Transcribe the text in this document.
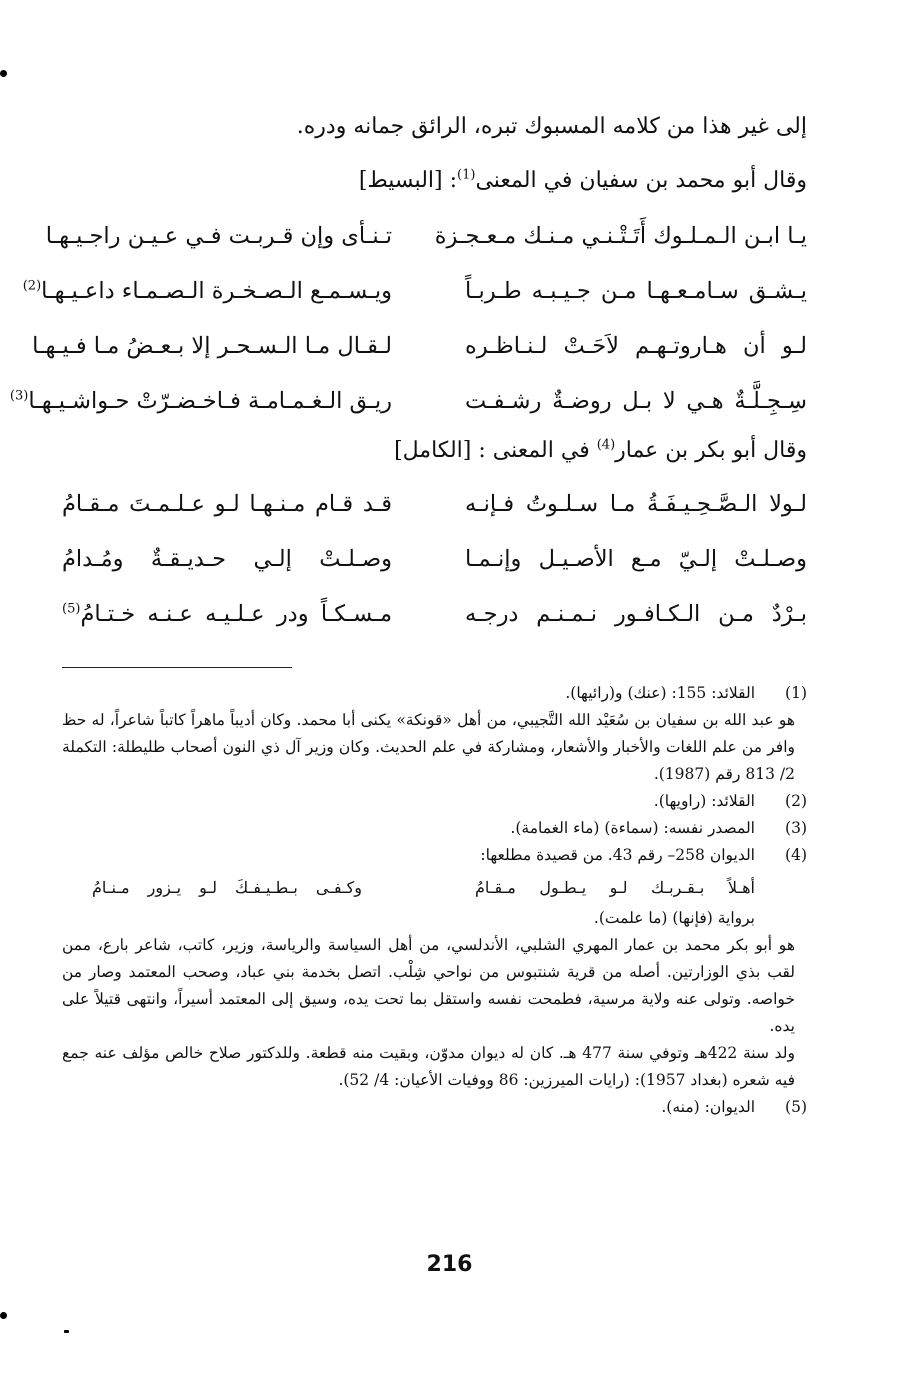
إلى غير هذا من كلامه المسبوك تبره، الرائق جمانه ودره.

وقال أبو محمد بن سفيان في المعنى$^{(1)}$: [البسيط]

يـا ابـن الـمـلـوك أَتَـتْـنـي مـنـك مـعـجـزة
تـنـأى وإن قـربـت فـي عـيـن راجـيـهـا
يـشـق سـامـعـهـا مـن جـيـبـه طـربـاً
ويـسـمـع الـصـخـرة الـصـمـاء داعـيـهـا$^{(2)}$
لـو أن هـاروتـهـم لاَحَـتْ لـنـاظـره
لـقـال مـا الـسـحـر إلا بـعـضُ مـا فـيـهـا
سِـجِـلَّـةٌ هـي لا بـل روضـةٌ رشـفـت
ريـق الـغـمـامـة فـاخـضـرّتْ حـواشـيـهـا$^{(3)}$

وقال أبو بكر بن عمار$^{(4)}$ في المعنى : [الكامل]

لـولا الـصَّـحِـيـفَـةُ مـا سـلـوتُ فـإنـه
قـد قـام مـنـهـا لـو عـلـمـتَ مـقـامُ
وصـلـتْ إلـيّ مـع الأصـيـل وإنـمـا
وصـلـتْ إلـي حـديـقـةٌ ومُـدامُ
بـرْدٌ مـن الـكـافـور نـمـنـم درجـه
مـسـكـاً ودر عـلـيـه عـنـه خـتـامُ$^{(5)}$
(1)
القلائد: 155: (عنك) و(رائيها).

هو عبد الله بن سفيان بن سُعَيْد الله التَّجيبي، من أهل «قونكة» يكنى أبا محمد. وكان أديباً ماهراً كاتباً شاعراً، له حظ وافر من علم اللغات والأخبار والأشعار، ومشاركة في علم الحديث. وكان وزير آل ذي النون أصحاب طليطلة: التكملة 2/ 813 رقم (1987).

(2)
القلائد: (راويها).
(3)
المصدر نفسه: (سماءة) (ماء الغمامة).
(4)
الديوان 258– رقم 43. من قصيدة مطلعها:
أهـلاً بـقـربـك لـو يـطـول مـقـامُ
وكـفـى بـطـيـفـكَ لـو يـزور مـنـامُ

برواية (فإنها) (ما علمت).

هو أبو بكر محمد بن عمار المهري الشلبي، الأندلسي، من أهل السياسة والرياسة، وزير، كاتب، شاعر بارع، ممن لقب بذي الوزارتين. أصله من قرية شنتبوس من نواحي شِلْب. اتصل بخدمة بني عباد، وصحب المعتمد وصار من خواصه. وتولى عنه ولاية مرسية، فطمحت نفسه واستقل بما تحت يده، وسيق إلى المعتمد أسيراً، وانتهى قتيلاً على يده.

ولد سنة 422هـ وتوفي سنة 477 هـ. كان له ديوان مدوّن، وبقيت منه قطعة. وللدكتور صلاح خالص مؤلف عنه جمع فيه شعره (بغداد 1957): (رايات الميرزين: 86 ووفيات الأعيان: 4/ 52).

(5)
الديوان: (منه).
216
